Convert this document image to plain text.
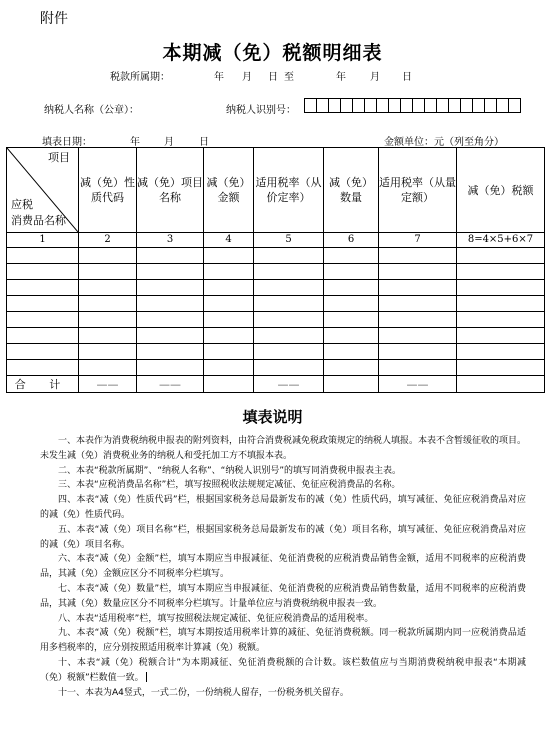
附件
本期减（免）税额明细表
税款所属期：	年 月 日 至	年 月 日
纳税人名称（公章）：	纳税人识别号：
填表日期：	年 月	日	金额单位：元（列至角分）
项目
应税
消费品名称	减（免）性质代码	减（免）项目名称	减（免）金额	适用税率（从价定率）	减（免）数量	适用税率（从量定额）	减（免）税额
1	2	3	4	5	6	7	8=4×5+6×7

合 计	——	——		——		——	
填表说明

一、本表作为消费税纳税申报表的附列资料，由符合消费税减免税政策规定的纳税人填报。本表不含暂缓征收的项目。未发生减（免）消费税业务的纳税人和受托加工方不填报本表。

二、本表“税款所属期”、“纳税人名称”、“纳税人识别号”的填写同消费税申报表主表。

三、本表“应税消费品名称”栏，填写按照税收法规规定减征、免征应税消费品的名称。

四、本表“减（免）性质代码”栏，根据国家税务总局最新发布的减（免）性质代码，填写减征、免征应税消费品对应的减（免）性质代码。

五、本表“减（免）项目名称”栏，根据国家税务总局最新发布的减（免）项目名称，填写减征、免征应税消费品对应的减（免）项目名称。

六、本表“减（免）金额”栏，填写本期应当申报减征、免征消费税的应税消费品销售金额，适用不同税率的应税消费品，其减（免）金额应区分不同税率分栏填写。

七、本表“减（免）数量”栏，填写本期应当申报减征、免征消费税的应税消费品销售数量，适用不同税率的应税消费品，其减（免）数量应区分不同税率分栏填写。计量单位应与消费税纳税申报表一致。

八、本表“适用税率”栏，填写按照税法规定减征、免征应税消费品的适用税率。

九、本表“减（免）税额”栏，填写本期按适用税率计算的减征、免征消费税额。同一税款所属期内同一应税消费品适用多档税率的，应分别按照适用税率计算减（免）税额。

十、本表“减（免）税额合计”为本期减征、免征消费税额的合计数。该栏数值应与当期消费税纳税申报表“本期减（免）税额”栏数值一致。

十一、本表为A4竖式，一式二份，一份纳税人留存，一份税务机关留存。
